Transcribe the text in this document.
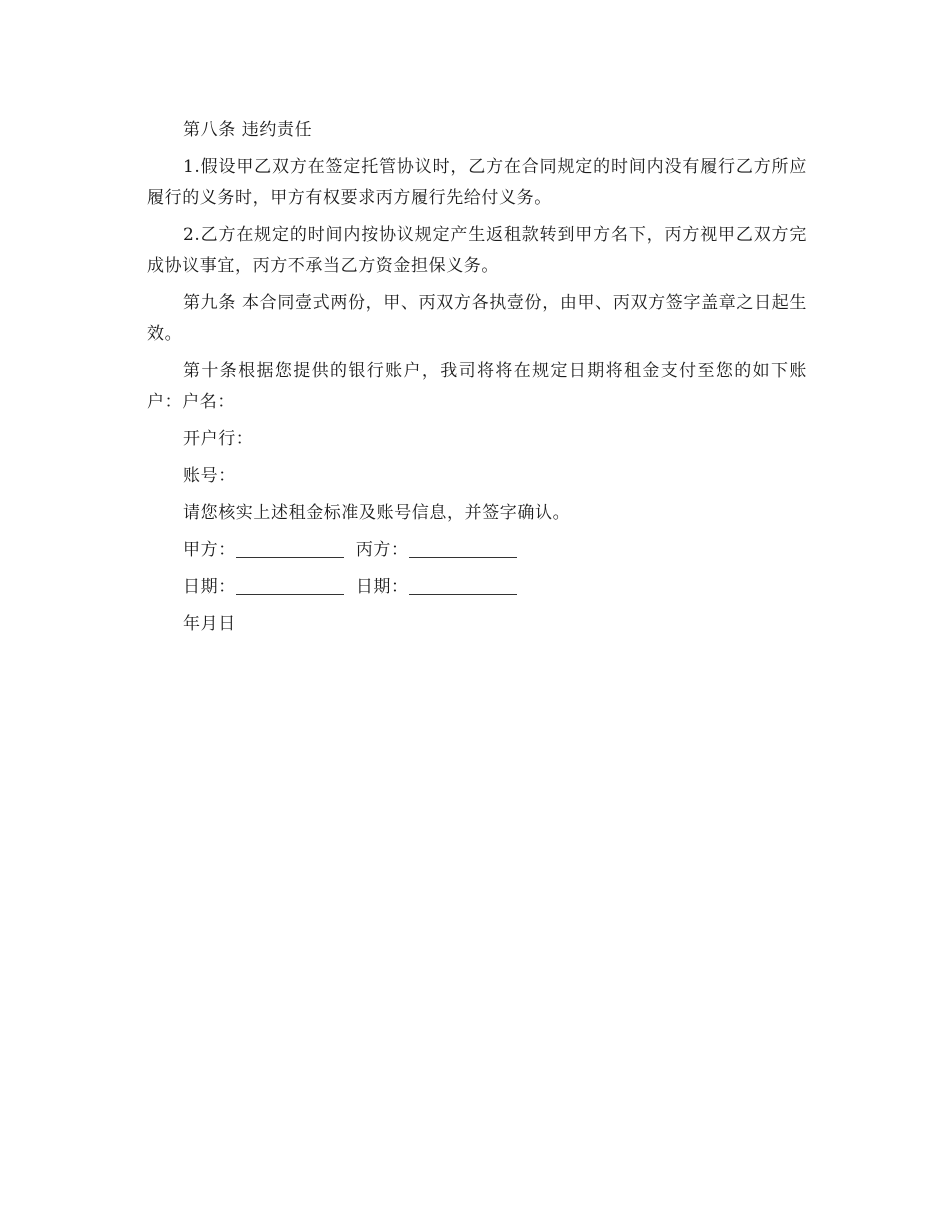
第八条 违约责任

1.假设甲乙双方在签定托管协议时，乙方在合同规定的时间内没有履行乙方所应履行的义务时，甲方有权要求丙方履行先给付义务。

2.乙方在规定的时间内按协议规定产生返租款转到甲方名下，丙方视甲乙双方完成协议事宜，丙方不承当乙方资金担保义务。

第九条 本合同壹式两份，甲、丙双方各执壹份，由甲、丙双方签字盖章之日起生效。

第十条根据您提供的银行账户，我司将将在规定日期将租金支付至您的如下账户：户名：

开户行：

账号：

请您核实上述租金标准及账号信息，并签字确认。

甲方：	丙方：
日期：	日期：

年月日
